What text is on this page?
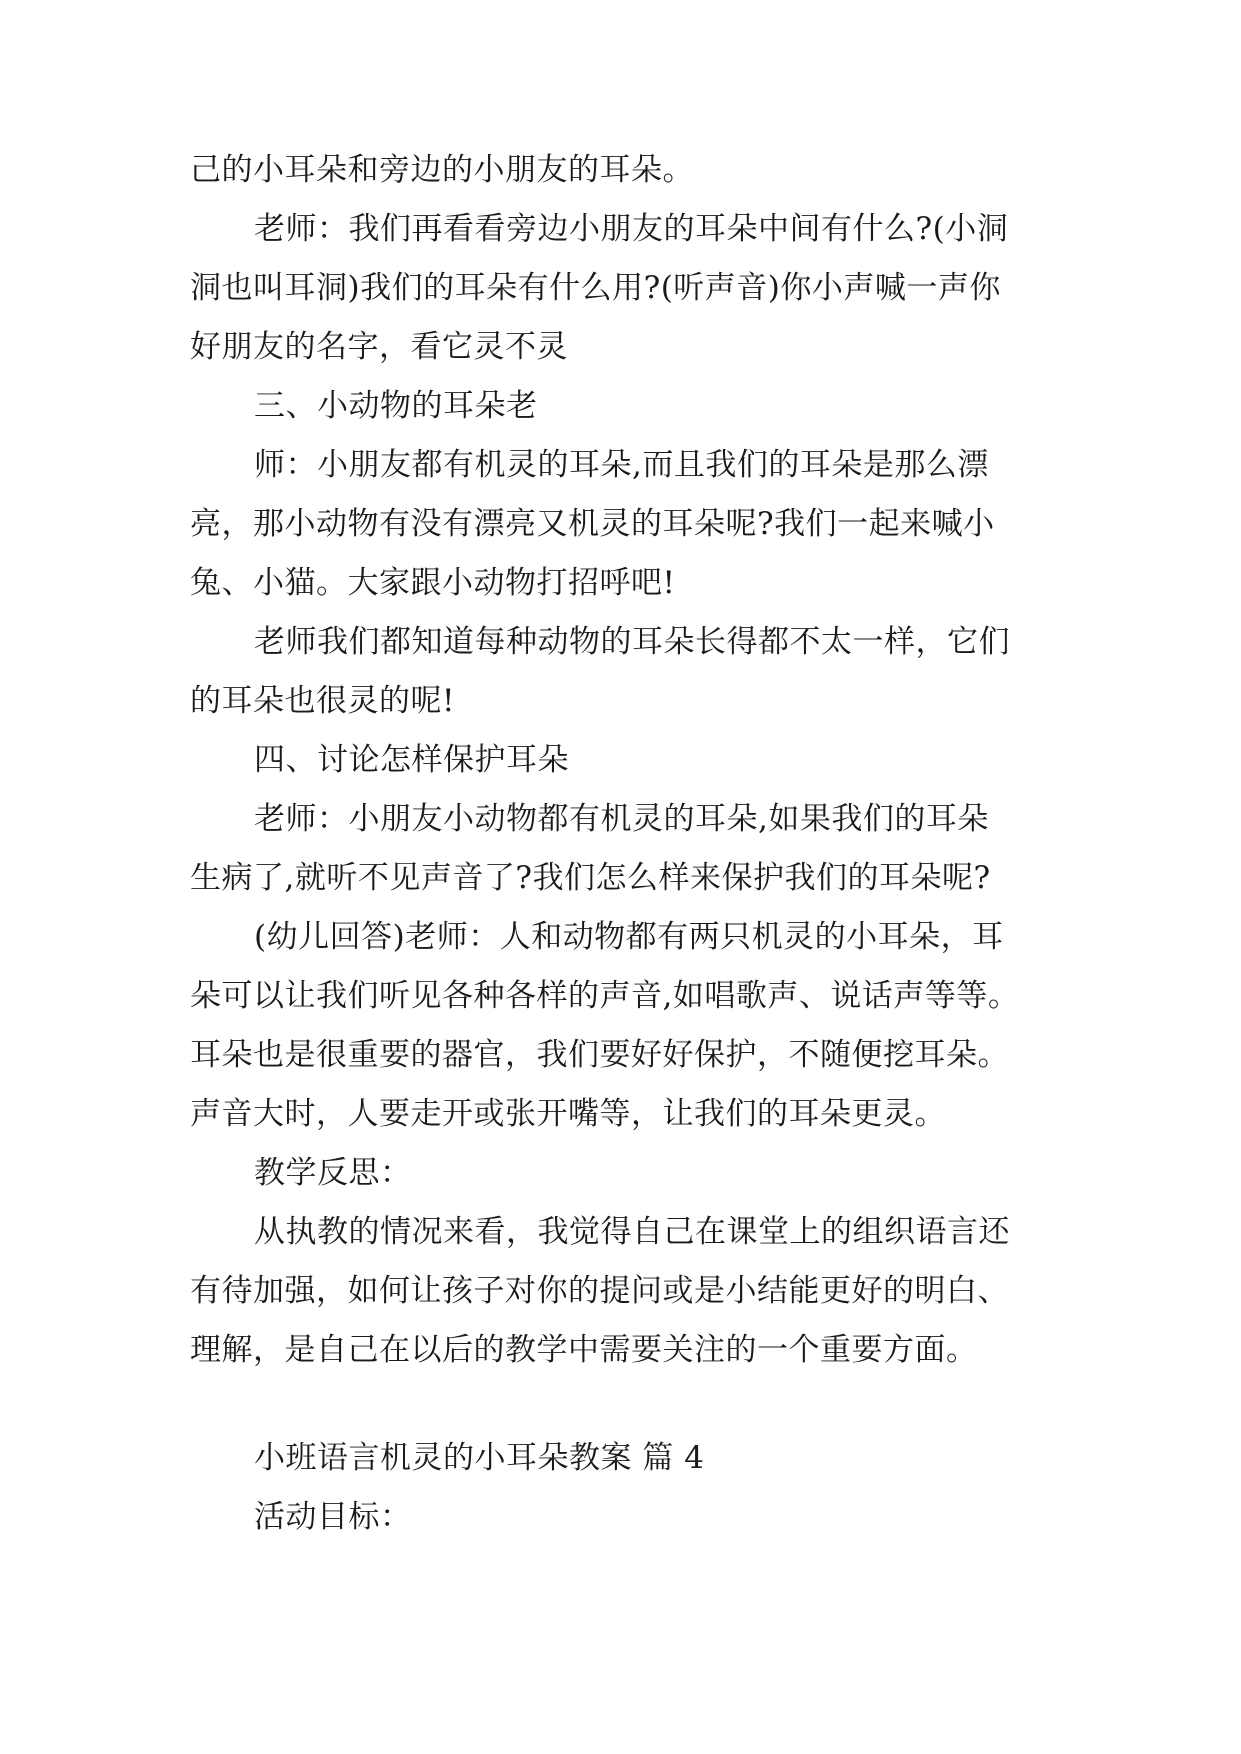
己的小耳朵和旁边的小朋友的耳朵。
老师：我们再看看旁边小朋友的耳朵中间有什么?(小洞
洞也叫耳洞)我们的耳朵有什么用?(听声音)你小声喊一声你
好朋友的名字，看它灵不灵
三、小动物的耳朵老
师：小朋友都有机灵的耳朵,而且我们的耳朵是那么漂
亮，那小动物有没有漂亮又机灵的耳朵呢?我们一起来喊小
兔、小猫。大家跟小动物打招呼吧!
老师我们都知道每种动物的耳朵长得都不太一样，它们
的耳朵也很灵的呢!
四、讨论怎样保护耳朵
老师：小朋友小动物都有机灵的耳朵,如果我们的耳朵
生病了,就听不见声音了?我们怎么样来保护我们的耳朵呢?
(幼儿回答)老师：人和动物都有两只机灵的小耳朵，耳
朵可以让我们听见各种各样的声音,如唱歌声、说话声等等。
耳朵也是很重要的器官，我们要好好保护，不随便挖耳朵。
声音大时，人要走开或张开嘴等，让我们的耳朵更灵。
教学反思：
从执教的情况来看，我觉得自己在课堂上的组织语言还
有待加强，如何让孩子对你的提问或是小结能更好的明白、
理解，是自己在以后的教学中需要关注的一个重要方面。
小班语言机灵的小耳朵教案 篇 4
活动目标：
